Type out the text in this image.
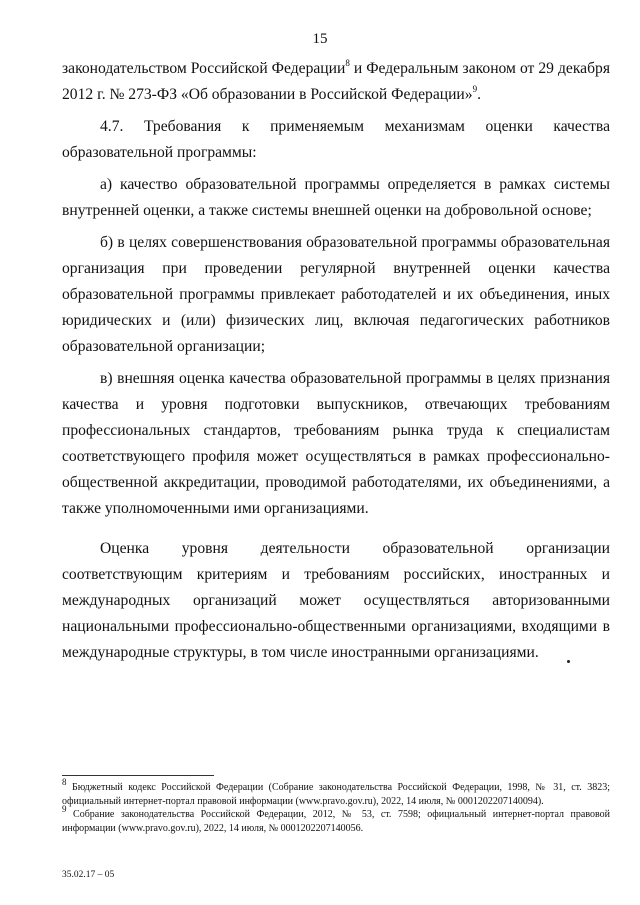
15

законодательством Российской Федерации$^8$ и Федеральным законом от 29 декабря 2012 г. № 273-ФЗ «Об образовании в Российской Федерации»$^9$.

4.7. Требования к применяемым механизмам оценки качества образовательной программы:

а) качество образовательной программы определяется в рамках системы внутренней оценки, а также системы внешней оценки на добровольной основе;

б) в целях совершенствования образовательной программы образовательная организация при проведении регулярной внутренней оценки качества образовательной программы привлекает работодателей и их объединения, иных юридических и (или) физических лиц, включая педагогических работников образовательной организации;

в) внешняя оценка качества образовательной программы в целях признания качества и уровня подготовки выпускников, отвечающих требованиям профессиональных стандартов, требованиям рынка труда к специалистам соответствующего профиля может осуществляться в рамках профессионально-общественной аккредитации, проводимой работодателями, их объединениями, а также уполномоченными ими организациями.

Оценка уровня деятельности образовательной организации соответствующим критериям и требованиям российских, иностранных и международных организаций может осуществляться авторизованными национальными профессионально-общественными организациями, входящими в международные структуры, в том числе иностранными организациями.

$^8$ Бюджетный кодекс Российской Федерации (Собрание законодательства Российской Федерации, 1998, № 31, ст. 3823; официальный интернет-портал правовой информации (www.pravo.gov.ru), 2022, 14 июля, № 0001202207140094).

$^9$ Собрание законодательства Российской Федерации, 2012, № 53, ст. 7598; официальный интернет-портал правовой информации (www.pravo.gov.ru), 2022, 14 июля, № 0001202207140056.

35.02.17 – 05
